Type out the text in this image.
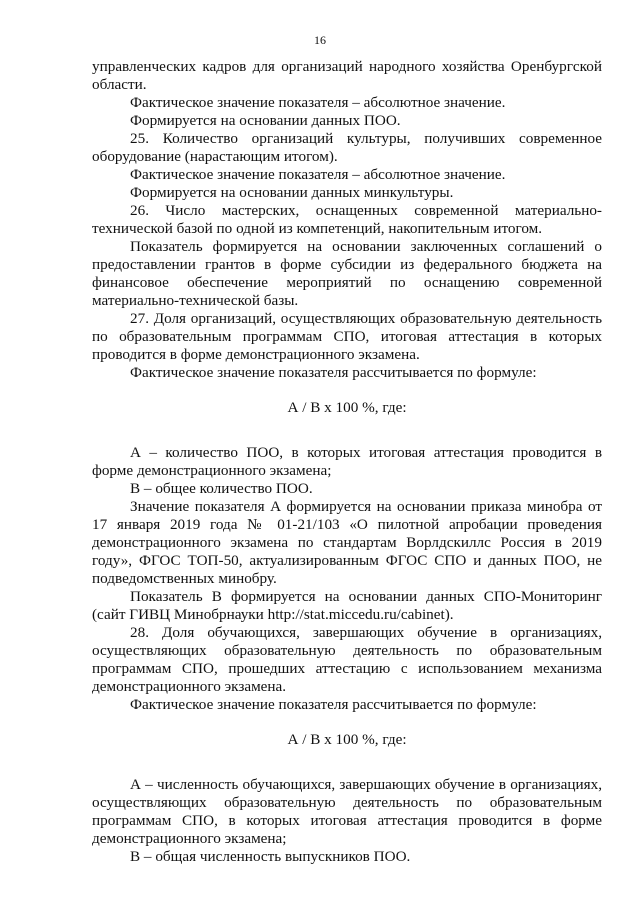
16

управленческих кадров для организаций народного хозяйства Оренбургской области.

Фактическое значение показателя – абсолютное значение.

Формируется на основании данных ПОО.

25. Количество организаций культуры, получивших современное оборудование (нарастающим итогом).

Фактическое значение показателя – абсолютное значение.

Формируется на основании данных минкультуры.

26. Число мастерских, оснащенных современной материально-технической базой по одной из компетенций, накопительным итогом.

Показатель формируется на основании заключенных соглашений о предоставлении грантов в форме субсидии из федерального бюджета на финансовое обеспечение мероприятий по оснащению современной материально-технической базы.

27. Доля организаций, осуществляющих образовательную деятельность по образовательным программам СПО, итоговая аттестация в которых проводится в форме демонстрационного экзамена.

Фактическое значение показателя рассчитывается по формуле:

А / В х 100 %, где:

А – количество ПОО, в которых итоговая аттестация проводится в форме демонстрационного экзамена;

В – общее количество ПОО.

Значение показателя А формируется на основании приказа минобра от 17 января 2019 года № 01-21/103 «О пилотной апробации проведения демонстрационного экзамена по стандартам Ворлдскиллс Россия в 2019 году», ФГОС ТОП-50, актуализированным ФГОС СПО и данных ПОО, не подведомственных минобру.

Показатель В формируется на основании данных СПО-Мониторинг (сайт ГИВЦ Минобрнауки http://stat.miccedu.ru/cabinet).

28. Доля обучающихся, завершающих обучение в организациях, осуществляющих образовательную деятельность по образовательным программам СПО, прошедших аттестацию с использованием механизма демонстрационного экзамена.

Фактическое значение показателя рассчитывается по формуле:

А / В х 100 %, где:

А – численность обучающихся, завершающих обучение в организациях, осуществляющих образовательную деятельность по образовательным программам СПО, в которых итоговая аттестация проводится в форме демонстрационного экзамена;

В – общая численность выпускников ПОО.
